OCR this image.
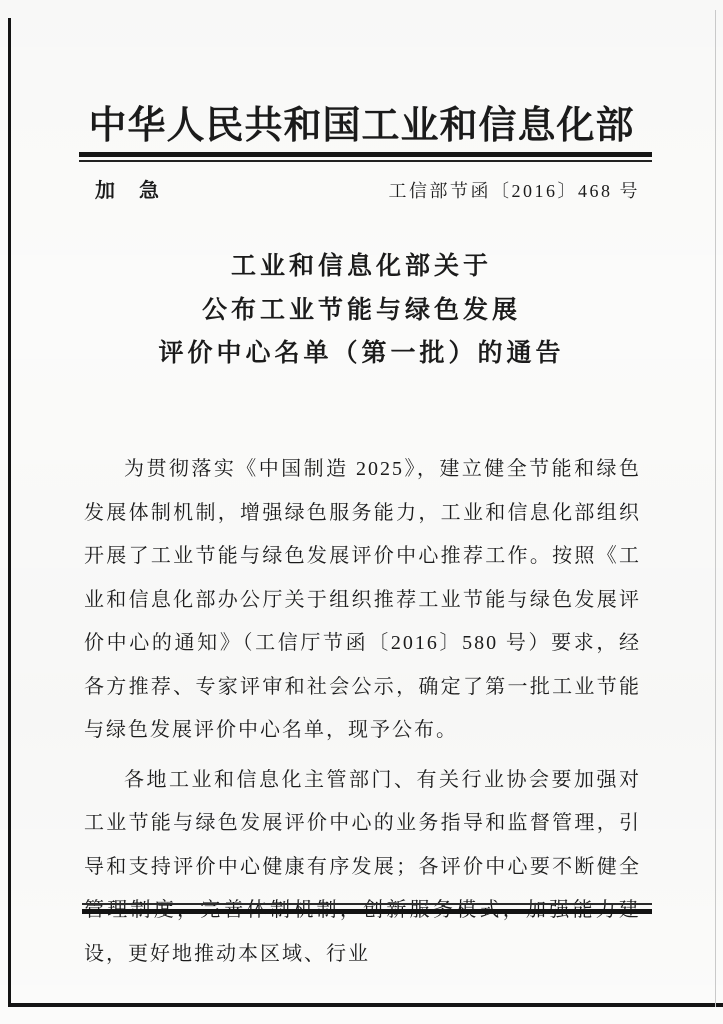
中华人民共和国工业和信息化部
加　急	工信部节函〔2016〕468 号
工业和信息化部关于
公布工业节能与绿色发展
评价中心名单（第一批）的通告

为贯彻落实《中国制造 2025》，建立健全节能和绿色发展体制机制，增强绿色服务能力，工业和信息化部组织开展了工业节能与绿色发展评价中心推荐工作。按照《工业和信息化部办公厅关于组织推荐工业节能与绿色发展评价中心的通知》（工信厅节函〔2016〕580 号）要求，经各方推荐、专家评审和社会公示，确定了第一批工业节能与绿色发展评价中心名单，现予公布。

各地工业和信息化主管部门、有关行业协会要加强对工业节能与绿色发展评价中心的业务指导和监督管理，引导和支持评价中心健康有序发展；各评价中心要不断健全管理制度，完善体制机制，创新服务模式，加强能力建设，更好地推动本区域、行业
